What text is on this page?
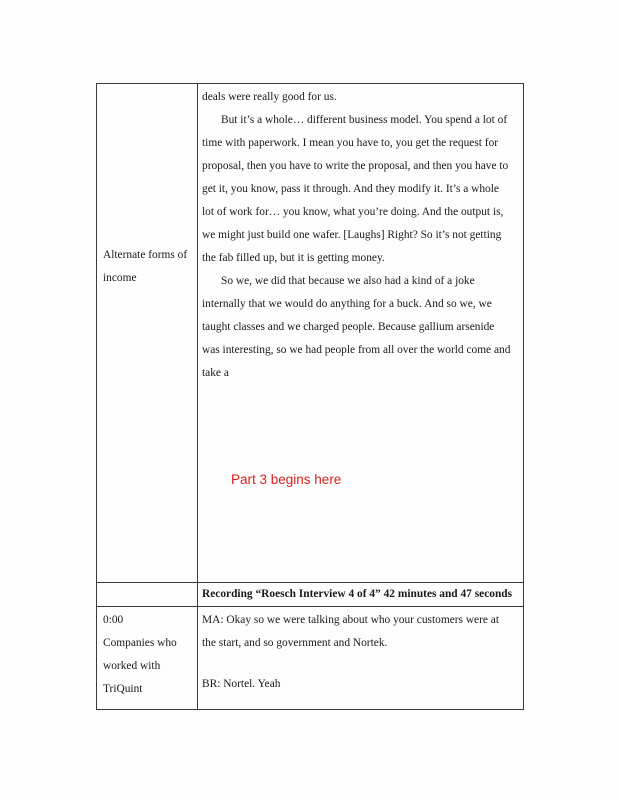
deals were really good for us.
But it’s a whole… different business model. You spend a lot of
time with paperwork. I mean you have to, you get the request for
proposal, then you have to write the proposal, and then you have to
get it, you know, pass it through. And they modify it. It’s a whole
lot of work for… you know, what you’re doing. And the output is,
we might just build one wafer. [Laughs] Right? So it’s not getting
the fab filled up, but it is getting money.
So we, we did that because we also had a kind of a joke
internally that we would do anything for a buck. And so we, we
taught classes and we charged people. Because gallium arsenide
was interesting, so we had people from all over the world come and
take a
Alternate forms of
income
Recording “Roesch Interview 4 of 4” 42 minutes and 47 seconds
0:00
Companies who
worked with
TriQuint
MA: Okay so we were talking about who your customers were at
the start, and so government and Nortek.
BR: Nortel. Yeah
Part 3 begins here
